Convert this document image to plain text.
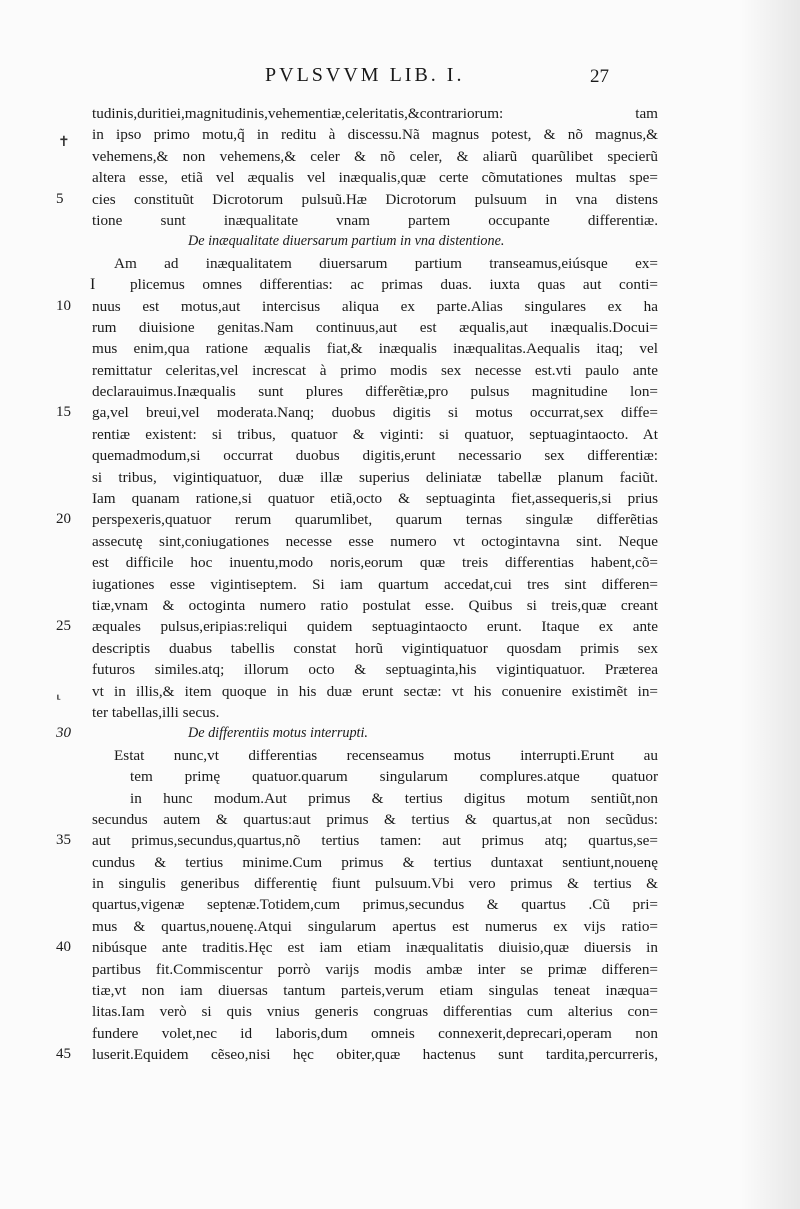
PVLSVVM LIB. I.	27
tudinis,duritiei,magnitudinis,vehementiæ,celeritatis,&contrariorum: tam
in ipso primo motu,q̃ in reditu à discessu.Nã magnus potest, & nõ magnus,&
vehemens,& non vehemens,& celer & nõ celer, & aliarũ quarũlibet specierũ
altera esse, etiã vel æqualis vel inæqualis,quæ certe cõmutationes multas spe=
5	cies constituũt Dicrotorum pulsuũ.Hæ Dicrotorum pulsuum in vna distens
tione sunt inæqualitate vnam partem occupante differentiæ.
De inæqualitate diuersarum partium in vna distentione.
Am ad inæqualitatem diuersarum partium transeamus,eiúsque ex=
I plicemus omnes differentias: ac primas duas. iuxta quas aut conti=
10	nuus est motus,aut intercisus aliqua ex parte.Alias singulares ex ha
rum diuisione genitas.Nam continuus,aut est æqualis,aut inæqualis.Docui=
mus enim,qua ratione æqualis fiat,& inæqualis inæqualitas.Aequalis itaq; vel
remittatur celeritas,vel increscat à primo modis sex necesse est.vti paulo ante
declarauimus.Inæqualis sunt plures differẽtiæ,pro pulsus magnitudine lon=
15	ga,vel breui,vel moderata.Nanq; duobus digitis si motus occurrat,sex diffe=
rentiæ existent: si tribus, quatuor & viginti: si quatuor, septuagintaocto. At
quemadmodum,si occurrat duobus digitis,erunt necessario sex differentiæ:
si tribus, vigintiquatuor, duæ illæ superius deliniatæ tabellæ planum faciũt.
Iam quanam ratione,si quatuor etiã,octo & septuaginta fiet,assequeris,si prius
20	perspexeris,quatuor rerum quarumlibet, quarum ternas singulæ differẽtias
assecutę sint,coniugationes necesse esse numero vt octogintavna sint. Neque
est difficile hoc inuentu,modo noris,eorum quæ treis differentias habent,cõ=
iugationes esse vigintiseptem. Si iam quartum accedat,cui tres sint differen=
tiæ,vnam & octoginta numero ratio postulat esse. Quibus si treis,quæ creant
25	æquales pulsus,eripias:reliqui quidem septuagintaocto erunt. Itaque ex ante
descriptis duabus tabellis constat horũ vigintiquatuor quosdam primis sex
futuros similes.atq; illorum octo & septuaginta,his vigintiquatuor. Præterea
vt in illis,& item quoque in his duæ erunt sectæ: vt his conuenire existimẽt in=
ter tabellas,illi secus.
30	De differentiis motus interrupti.
Estat nunc,vt differentias recenseamus motus interrupti.Erunt au
tem primę quatuor.quarum singularum complures.atque quatuor
in hunc modum.Aut primus & tertius digitus motum sentiũt,non
secundus autem & quartus:aut primus & tertius & quartus,at non secũdus:
35	aut primus,secundus,quartus,nõ tertius tamen: aut primus atq; quartus,se=
cundus & tertius minime.Cum primus & tertius duntaxat sentiunt,nouenę
in singulis generibus differentię fiunt pulsuum.Vbi vero primus & tertius &
quartus,vigenæ septenæ.Totidem,cum primus,secundus & quartus .Cũ pri=
mus & quartus,nouenę.Atqui singularum apertus est numerus ex vijs ratio=
40	nibúsque ante traditis.Hęc est iam etiam inæqualitatis diuisio,quæ diuersis in
partibus fit.Commiscentur porrò varijs modis ambæ inter se primæ differen=
tiæ,vt non iam diuersas tantum parteis,verum etiam singulas teneat inæqua=
litas.Iam verò si quis vnius generis congruas differentias cum alterius con=
fundere volet,nec id laboris,dum omneis connexerit,deprecari,operam non
45	luserit.Equidem cẽseo,nisi hęc obiter,quæ hactenus sunt tardita,percurreris,
✝
⸤
